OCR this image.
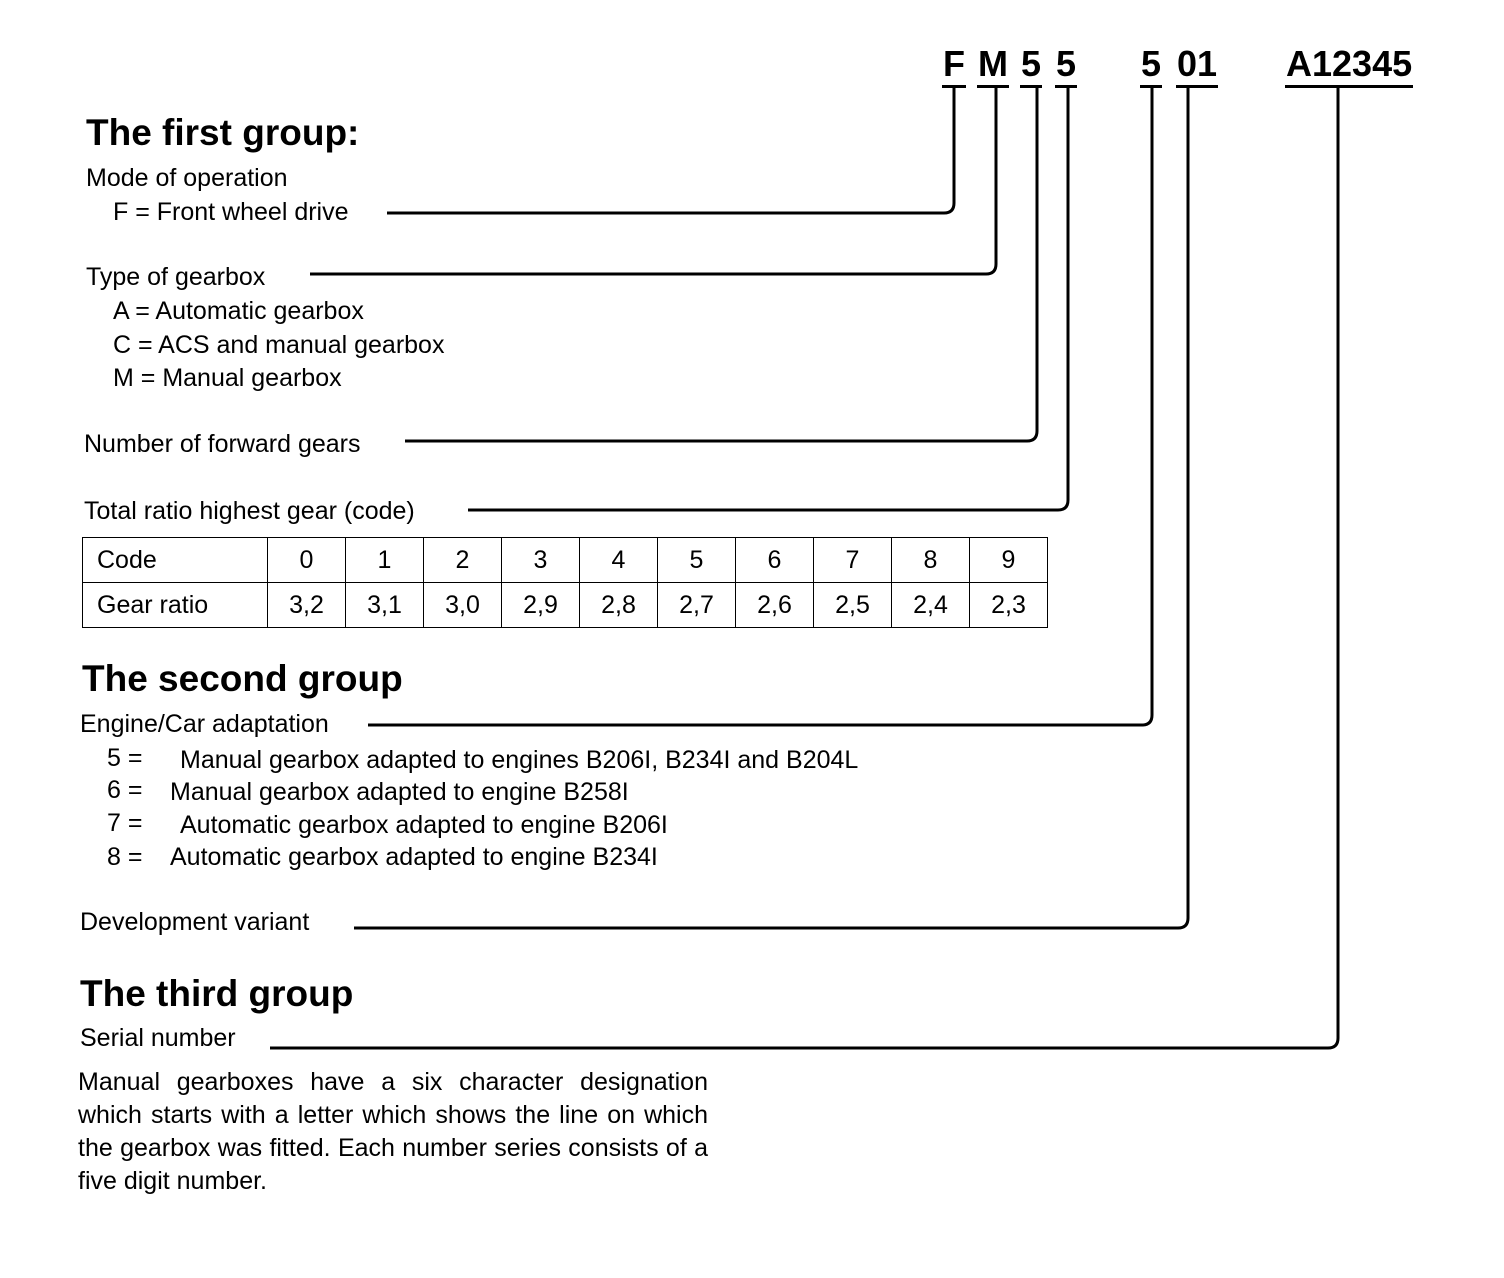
F M 5 5 5 01 A12345
The first group:
Mode of operation
F = Front wheel drive
Type of gearbox
A = Automatic gearbox
C = ACS and manual gearbox
M = Manual gearbox
Number of forward gears
Total ratio highest gear (code)
Code	0	1	2	3	4	5	6	7	8	9
Gear ratio	3,2	3,1	3,0	2,9	2,8	2,7	2,6	2,5	2,4	2,3
The second group
Engine/Car adaptation
5 = Manual gearbox adapted to engines B206I, B234I and B204L
6 = Manual gearbox adapted to engine B258I
7 = Automatic gearbox adapted to engine B206I
8 = Automatic gearbox adapted to engine B234I
Development variant
The third group
Serial number
Manual gearboxes have a six character designation which starts with a letter which shows the line on which the gearbox was fitted. Each number series consists of a five digit number.
